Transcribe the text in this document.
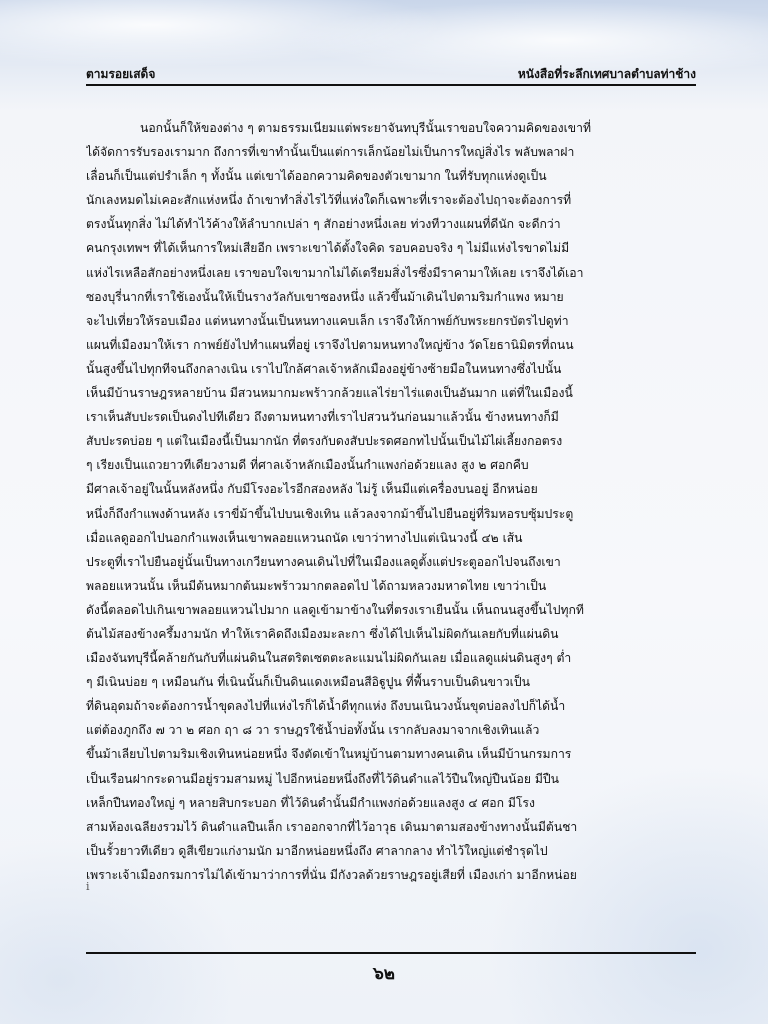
ตามรอยเสด็จ	หนังสือที่ระลึกเทศบาลตำบลท่าช้าง
นอกนั้นก็ให้ของต่าง ๆ ตามธรรมเนียมแต่พระยาจันทบุรีนั้นเราขอบใจความคิดของเขาที่
ได้จัดการรับรองเรามาก ถึงการที่เขาทำนั้นเป็นแต่การเล็กน้อยไม่เป็นการใหญ่สิ่งไร พลับพลาฝา
เลื่อนก็เป็นแต่ปรำเล็ก ๆ ทั้งนั้น แต่เขาได้ออกความคิดของตัวเขามาก ในที่รับทุกแห่งดูเป็น
นักเลงหมดไม่เคอะสักแห่งหนึ่ง ถ้าเขาทำสิ่งไรไว้ที่แห่งใดก็เฉพาะที่เราจะต้องไปฤาจะต้องการที่
ตรงนั้นทุกสิ่ง ไม่ได้ทำไว้ค้างให้ลำบากเปล่า ๆ สักอย่างหนึ่งเลย ท่วงทีวางแผนที่ดีนัก จะดีกว่า
คนกรุงเทพฯ ที่ได้เห็นการใหม่เสียอีก เพราะเขาได้ตั้งใจคิด รอบคอบจริง ๆ ไม่มีแห่งไรขาดไม่มี
แห่งไรเหลือสักอย่างหนึ่งเลย เราขอบใจเขามากไม่ได้เตรียมสิ่งไรซึ่งมีราคามาให้เลย เราจึงได้เอา
ซองบุรี่นากที่เราใช้เองนั้นให้เป็นรางวัลกับเขาซองหนึ่ง แล้วขึ้นม้าเดินไปตามริมกำแพง หมาย
จะไปเที่ยวให้รอบเมือง แต่หนทางนั้นเป็นหนทางแคบเล็ก เราจึงให้กาพย์กับพระยกรบัตรไปดูท่า
แผนที่เมืองมาให้เรา กาพย์ยังไปทำแผนที่อยู่ เราจึงไปตามหนทางใหญ่ข้าง วัดโยธานิมิตรที่ถนน
นั้นสูงขึ้นไปทุกทีจนถึงกลางเนิน เราไปใกล้ศาลเจ้าหลักเมืองอยู่ข้างซ้ายมือในหนทางซึ่งไปนั้น
เห็นมีบ้านราษฎรหลายบ้าน มีสวนหมากมะพร้าวกล้วยแลไร่ยาไร่แตงเป็นอันมาก แต่ที่ในเมืองนี้
เราเห็นสับปะรดเป็นดงไปทีเดียว ถึงตามหนทางที่เราไปสวนวันก่อนมาแล้วนั้น ข้างหนทางก็มี
สับปะรดบ่อย ๆ แต่ในเมืองนี้เป็นมากนัก ที่ตรงกับดงสับปะรดศอกทไปนั้นเป็นไม้ไผ่เลี้ยงกอตรง
ๆ เรียงเป็นแถวยาวทีเดียวงามดี ที่ศาลเจ้าหลักเมืองนั้นกำแพงก่อด้วยแลง สูง ๒ ศอกคืบ
มีศาลเจ้าอยู่ในนั้นหลังหนึ่ง กับมีโรงอะไรอีกสองหลัง ไม่รู้ เห็นมีแต่เครื่องบนอยู่ อีกหน่อย
หนึ่งก็ถึงกำแพงด้านหลัง เราขี่ม้าขึ้นไปบนเชิงเทิน แล้วลงจากม้าขึ้นไปยืนอยู่ที่ริมหอรบซุ้มประตู
เมื่อแลดูออกไปนอกกำแพงเห็นเขาพลอยแหวนถนัด เขาว่าทางไปแต่เนินวงนี้ ๔๒ เส้น
ประตูที่เราไปยืนอยู่นั้นเป็นทางเกวียนทางคนเดินไปที่ในเมืองแลดูตั้งแต่ประตูออกไปจนถึงเขา
พลอยแหวนนั้น เห็นมีต้นหมากต้นมะพร้าวมากตลอดไป ได้ถามหลวงมหาดไทย เขาว่าเป็น
ดังนี้ตลอดไปเกินเขาพลอยแหวนไปมาก แลดูเข้ามาข้างในที่ตรงเราเยืนนั้น เห็นถนนสูงขึ้นไปทุกที
ต้นไม้สองข้างครึ้มงามนัก ทำให้เราคิดถึงเมืองมะละกา ซึ่งได้ไปเห็นไม่ผิดกันเลยกับที่แผ่นดิน
เมืองจันทบุรีนี้คล้ายกันกับที่แผ่นดินในสตริตเซตตะละแมนไม่ผิดกันเลย เมื่อแลดูแผ่นดินสูงๆ ต่ำ
ๆ มีเนินบ่อย ๆ เหมือนกัน ที่เนินนั้นก็เป็นดินแดงเหมือนสีอิฐูปูน ที่พื้นราบเป็นดินขาวเป็น
ที่ดินอุดมถ้าจะต้องการน้ำขุดลงไปที่แห่งไรก็ได้น้ำดีทุกแห่ง ถึงบนเนินวงนั้นขุดบ่อลงไปก็ได้น้ำ
แต่ต้องภูกถึง ๗ วา ๒ ศอก ฤา ๘ วา ราษฎรใช้น้ำบ่อทั้งนั้น เรากลับลงมาจากเชิงเทินแล้ว
ขึ้นม้าเลียบไปตามริมเชิงเทินหน่อยหนึ่ง จึงตัดเข้าในหมู่บ้านตามทางคนเดิน เห็นมีบ้านกรมการ
เป็นเรือนฝากระดานมีอยู่รวมสามหมู่ ไปอีกหน่อยหนึ่งถึงที่ไว้ดินดำแลไว้ปืนใหญ่ปืนน้อย มีปืน
เหล็กปืนทองใหญ่ ๆ หลายสิบกระบอก ที่ไว้ดินดำนั้นมีกำแพงก่อด้วยแลงสูง ๔ ศอก มีโรง
สามห้องเฉลียงรวมไว้ ดินดำแลปืนเล็ก เราออกจากที่ไว้อาวุธ เดินมาตามสองข้างทางนั้นมีต้นชา
เป็นรั้วยาวทีเดียว ดูสีเขียวแก่งามนัก มาอีกหน่อยหนึ่งถึง ศาลากลาง ทำไว้ใหญ่แต่ชำรุดไป
เพราะเจ้าเมืองกรมการไม่ได้เข้ามาว่าการที่นั่น มีกังวลด้วยราษฎรอยู่เสียที่ เมืองเก่า มาอีกหน่อย
ⅰ
๖๒
